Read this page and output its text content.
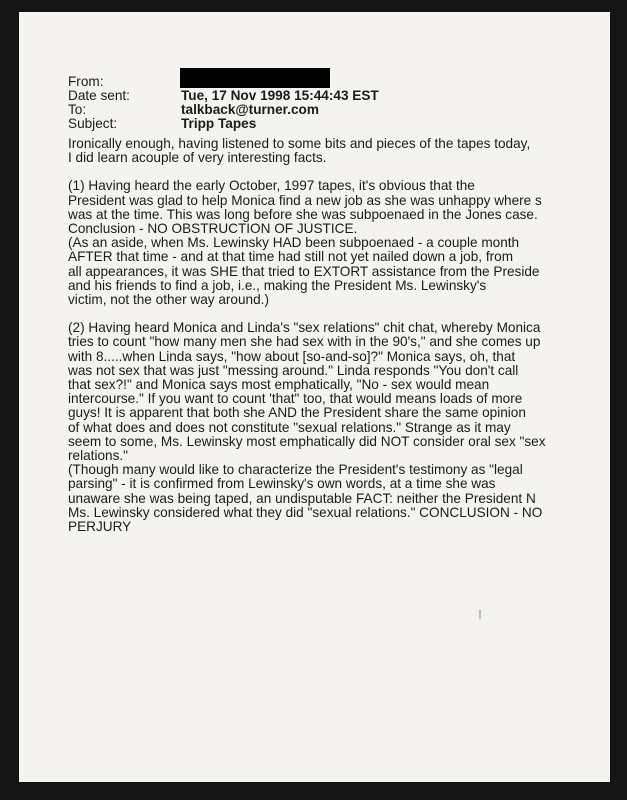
From:
Date sent:	Tue, 17 Nov 1998 15:44:43 EST
To:	talkback@turner.com
Subject:	Tripp Tapes

Ironically enough, having listened to some bits and pieces of the tapes today,
I did learn acouple of very interesting facts.

(1) Having heard the early October, 1997 tapes, it's obvious that the
President was glad to help Monica find a new job as she was unhappy where s
was at the time. This was long before she was subpoenaed in the Jones case.
Conclusion - NO OBSTRUCTION OF JUSTICE.

(As an aside, when Ms. Lewinsky HAD been subpoenaed - a couple month
AFTER that time - and at that time had still not yet nailed down a job, from
all appearances, it was SHE that tried to EXTORT assistance from the Preside
and his friends to find a job, i.e., making the President Ms. Lewinsky's
victim, not the other way around.)

(2) Having heard Monica and Linda's "sex relations" chit chat, whereby Monica
tries to count "how many men she had sex with in the 90's," and she comes up
with 8.....when Linda says, "how about [so-and-so]?" Monica says, oh, that
was not sex that was just "messing around." Linda responds "You don't call
that sex?!" and Monica says most emphatically, "No - sex would mean
intercourse." If you want to count 'that" too, that would means loads of more
guys! It is apparent that both she AND the President share the same opinion
of what does and does not constitute "sexual relations." Strange as it may
seem to some, Ms. Lewinsky most emphatically did NOT consider oral sex "sex
relations."

(Though many would like to characterize the President's testimony as "legal
parsing" - it is confirmed from Lewinsky's own words, at a time she was
unaware she was being taped, an undisputable FACT: neither the President N
Ms. Lewinsky considered what they did "sexual relations." CONCLUSION - NO
PERJURY
